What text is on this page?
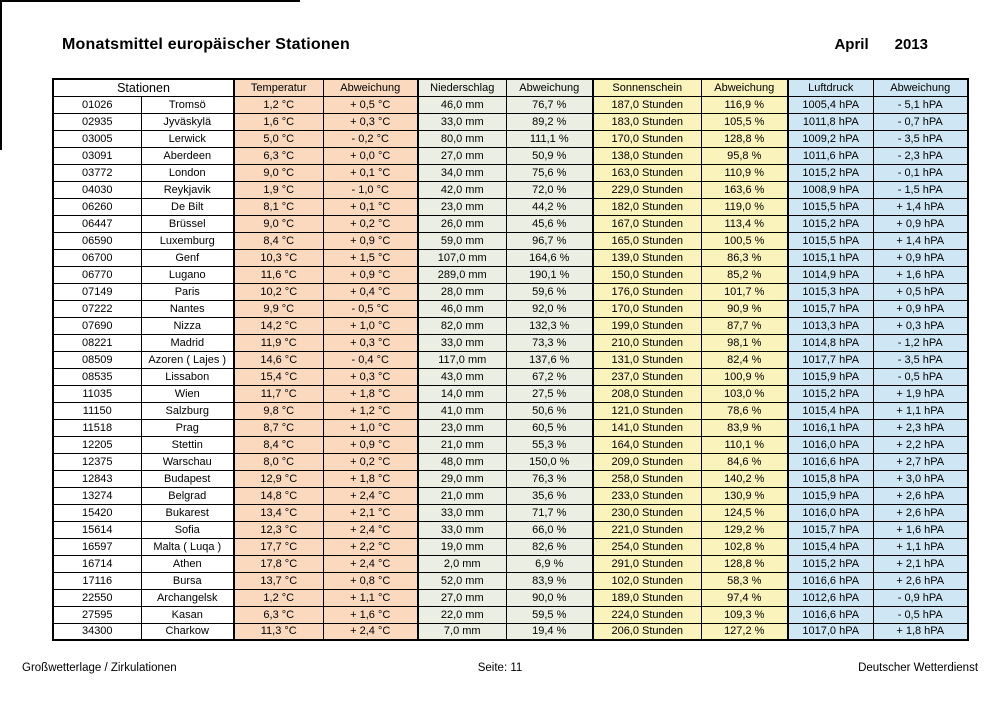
Monatsmittel europäischer Stationen	April 2013
Stationen		Temperatur	Abweichung	Niederschlag	Abweichung	Sonnenschein	Abweichung	Luftdruck	Abweichung
01026	Tromsö	1,2 °C	+ 0,5 °C	46,0 mm	76,7 %	187,0 Stunden	116,9 %	1005,4 hPA	- 5,1 hPA
02935	Jyväskylä	1,6 °C	+ 0,3 °C	33,0 mm	89,2 %	183,0 Stunden	105,5 %	1011,8 hPA	- 0,7 hPA
03005	Lerwick	5,0 °C	- 0,2 °C	80,0 mm	111,1 %	170,0 Stunden	128,8 %	1009,2 hPA	- 3,5 hPA
03091	Aberdeen	6,3 °C	+ 0,0 °C	27,0 mm	50,9 %	138,0 Stunden	95,8 %	1011,6 hPA	- 2,3 hPA
03772	London	9,0 °C	+ 0,1 °C	34,0 mm	75,6 %	163,0 Stunden	110,9 %	1015,2 hPA	- 0,1 hPA
04030	Reykjavik	1,9 °C	- 1,0 °C	42,0 mm	72,0 %	229,0 Stunden	163,6 %	1008,9 hPA	- 1,5 hPA
06260	De Bilt	8,1 °C	+ 0,1 °C	23,0 mm	44,2 %	182,0 Stunden	119,0 %	1015,5 hPA	+ 1,4 hPA
06447	Brüssel	9,0 °C	+ 0,2 °C	26,0 mm	45,6 %	167,0 Stunden	113,4 %	1015,2 hPA	+ 0,9 hPA
06590	Luxemburg	8,4 °C	+ 0,9 °C	59,0 mm	96,7 %	165,0 Stunden	100,5 %	1015,5 hPA	+ 1,4 hPA
06700	Genf	10,3 °C	+ 1,5 °C	107,0 mm	164,6 %	139,0 Stunden	86,3 %	1015,1 hPA	+ 0,9 hPA
06770	Lugano	11,6 °C	+ 0,9 °C	289,0 mm	190,1 %	150,0 Stunden	85,2 %	1014,9 hPA	+ 1,6 hPA
07149	Paris	10,2 °C	+ 0,4 °C	28,0 mm	59,6 %	176,0 Stunden	101,7 %	1015,3 hPA	+ 0,5 hPA
07222	Nantes	9,9 °C	- 0,5 °C	46,0 mm	92,0 %	170,0 Stunden	90,9 %	1015,7 hPA	+ 0,9 hPA
07690	Nizza	14,2 °C	+ 1,0 °C	82,0 mm	132,3 %	199,0 Stunden	87,7 %	1013,3 hPA	+ 0,3 hPA
08221	Madrid	11,9 °C	+ 0,3 °C	33,0 mm	73,3 %	210,0 Stunden	98,1 %	1014,8 hPA	- 1,2 hPA
08509	Azoren ( Lajes )	14,6 °C	- 0,4 °C	117,0 mm	137,6 %	131,0 Stunden	82,4 %	1017,7 hPA	- 3,5 hPA
08535	Lissabon	15,4 °C	+ 0,3 °C	43,0 mm	67,2 %	237,0 Stunden	100,9 %	1015,9 hPA	- 0,5 hPA
11035	Wien	11,7 °C	+ 1,8 °C	14,0 mm	27,5 %	208,0 Stunden	103,0 %	1015,2 hPA	+ 1,9 hPA
11150	Salzburg	9,8 °C	+ 1,2 °C	41,0 mm	50,6 %	121,0 Stunden	78,6 %	1015,4 hPA	+ 1,1 hPA
11518	Prag	8,7 °C	+ 1,0 °C	23,0 mm	60,5 %	141,0 Stunden	83,9 %	1016,1 hPA	+ 2,3 hPA
12205	Stettin	8,4 °C	+ 0,9 °C	21,0 mm	55,3 %	164,0 Stunden	110,1 %	1016,0 hPA	+ 2,2 hPA
12375	Warschau	8,0 °C	+ 0,2 °C	48,0 mm	150,0 %	209,0 Stunden	84,6 %	1016,6 hPA	+ 2,7 hPA
12843	Budapest	12,9 °C	+ 1,8 °C	29,0 mm	76,3 %	258,0 Stunden	140,2 %	1015,8 hPA	+ 3,0 hPA
13274	Belgrad	14,8 °C	+ 2,4 °C	21,0 mm	35,6 %	233,0 Stunden	130,9 %	1015,9 hPA	+ 2,6 hPA
15420	Bukarest	13,4 °C	+ 2,1 °C	33,0 mm	71,7 %	230,0 Stunden	124,5 %	1016,0 hPA	+ 2,6 hPA
15614	Sofia	12,3 °C	+ 2,4 °C	33,0 mm	66,0 %	221,0 Stunden	129,2 %	1015,7 hPA	+ 1,6 hPA
16597	Malta ( Luqa )	17,7 °C	+ 2,2 °C	19,0 mm	82,6 %	254,0 Stunden	102,8 %	1015,4 hPA	+ 1,1 hPA
16714	Athen	17,8 °C	+ 2,4 °C	2,0 mm	6,9 %	291,0 Stunden	128,8 %	1015,2 hPA	+ 2,1 hPA
17116	Bursa	13,7 °C	+ 0,8 °C	52,0 mm	83,9 %	102,0 Stunden	58,3 %	1016,6 hPA	+ 2,6 hPA
22550	Archangelsk	1,2 °C	+ 1,1 °C	27,0 mm	90,0 %	189,0 Stunden	97,4 %	1012,6 hPA	- 0,9 hPA
27595	Kasan	6,3 °C	+ 1,6 °C	22,0 mm	59,5 %	224,0 Stunden	109,3 %	1016,6 hPA	- 0,5 hPA
34300	Charkow	11,3 °C	+ 2,4 °C	7,0 mm	19,4 %	206,0 Stunden	127,2 %	1017,0 hPA	+ 1,8 hPA
Großwetterlage / Zirkulationen	Seite: 11	Deutscher Wetterdienst
